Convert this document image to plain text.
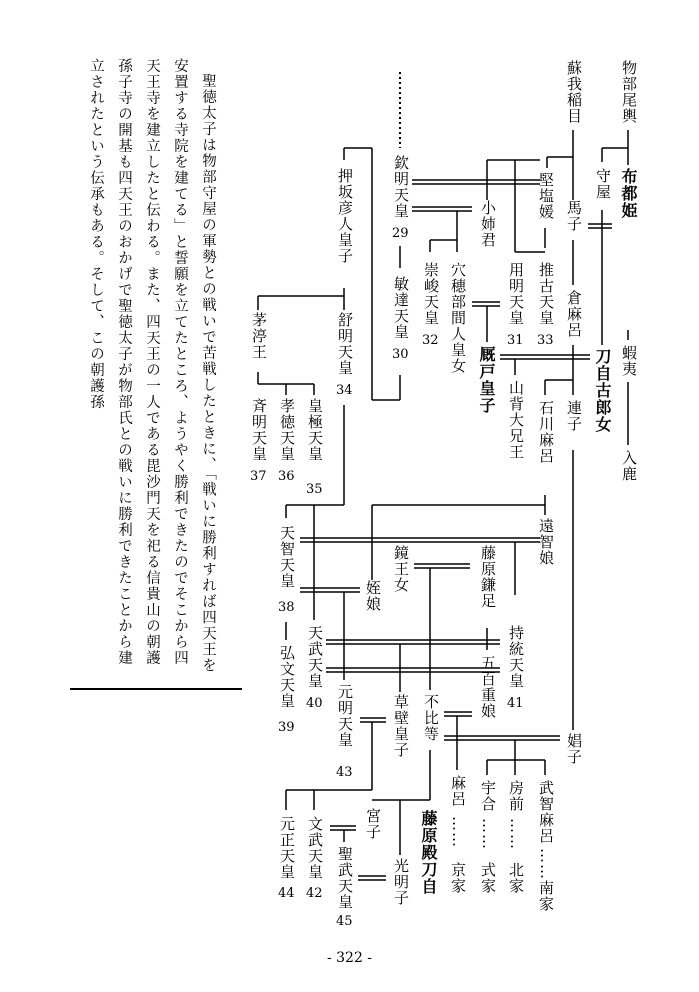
物部尾輿
蘇我稲目
守屋 布都姫
堅塩媛 馬子
小姉君
欽明天皇
29
敏達天皇
30
押坂彦人皇子
舒明天皇
34
茅渟王
皇極天皇
35
孝徳天皇
36
斉明天皇
37
推古天皇
33
用明天皇
31
穴穂部間人皇女
崇峻天皇
32
倉麻呂
刀自古郎女 蝦夷
入鹿
厩戸皇子 山背大兄王	連子
石川麻呂
遠智娘
天智天皇
38	姪娘
鏡王女	藤原鎌足
持統天皇
41
天武天皇
40
弘文天皇
39
五百重娘
不比等
草壁皇子
元明天皇
43
娼子
武智麻呂
……
南家
房前
……
北家
宇合
……
式家
麻呂
……
京家
藤原殿刀自
光明子
宮子
聖武天皇
45
文武天皇
42
元正天皇
44

聖徳太子は物部守屋の軍勢との戦いで苦戦したときに、「戦いに勝利すれば四天王を安置する寺院を建てる」と誓願を立てたところ、ようやく勝利できたのでそこから四天王寺を建立したと伝わる。また、四天王の一人である毘沙門天を祀る信貴山の朝護孫子寺の開基も四天王のおかげで聖徳太子が物部氏との戦いに勝利できたことから建立されたという伝承もある。そして、この朝護孫

- 322 -
